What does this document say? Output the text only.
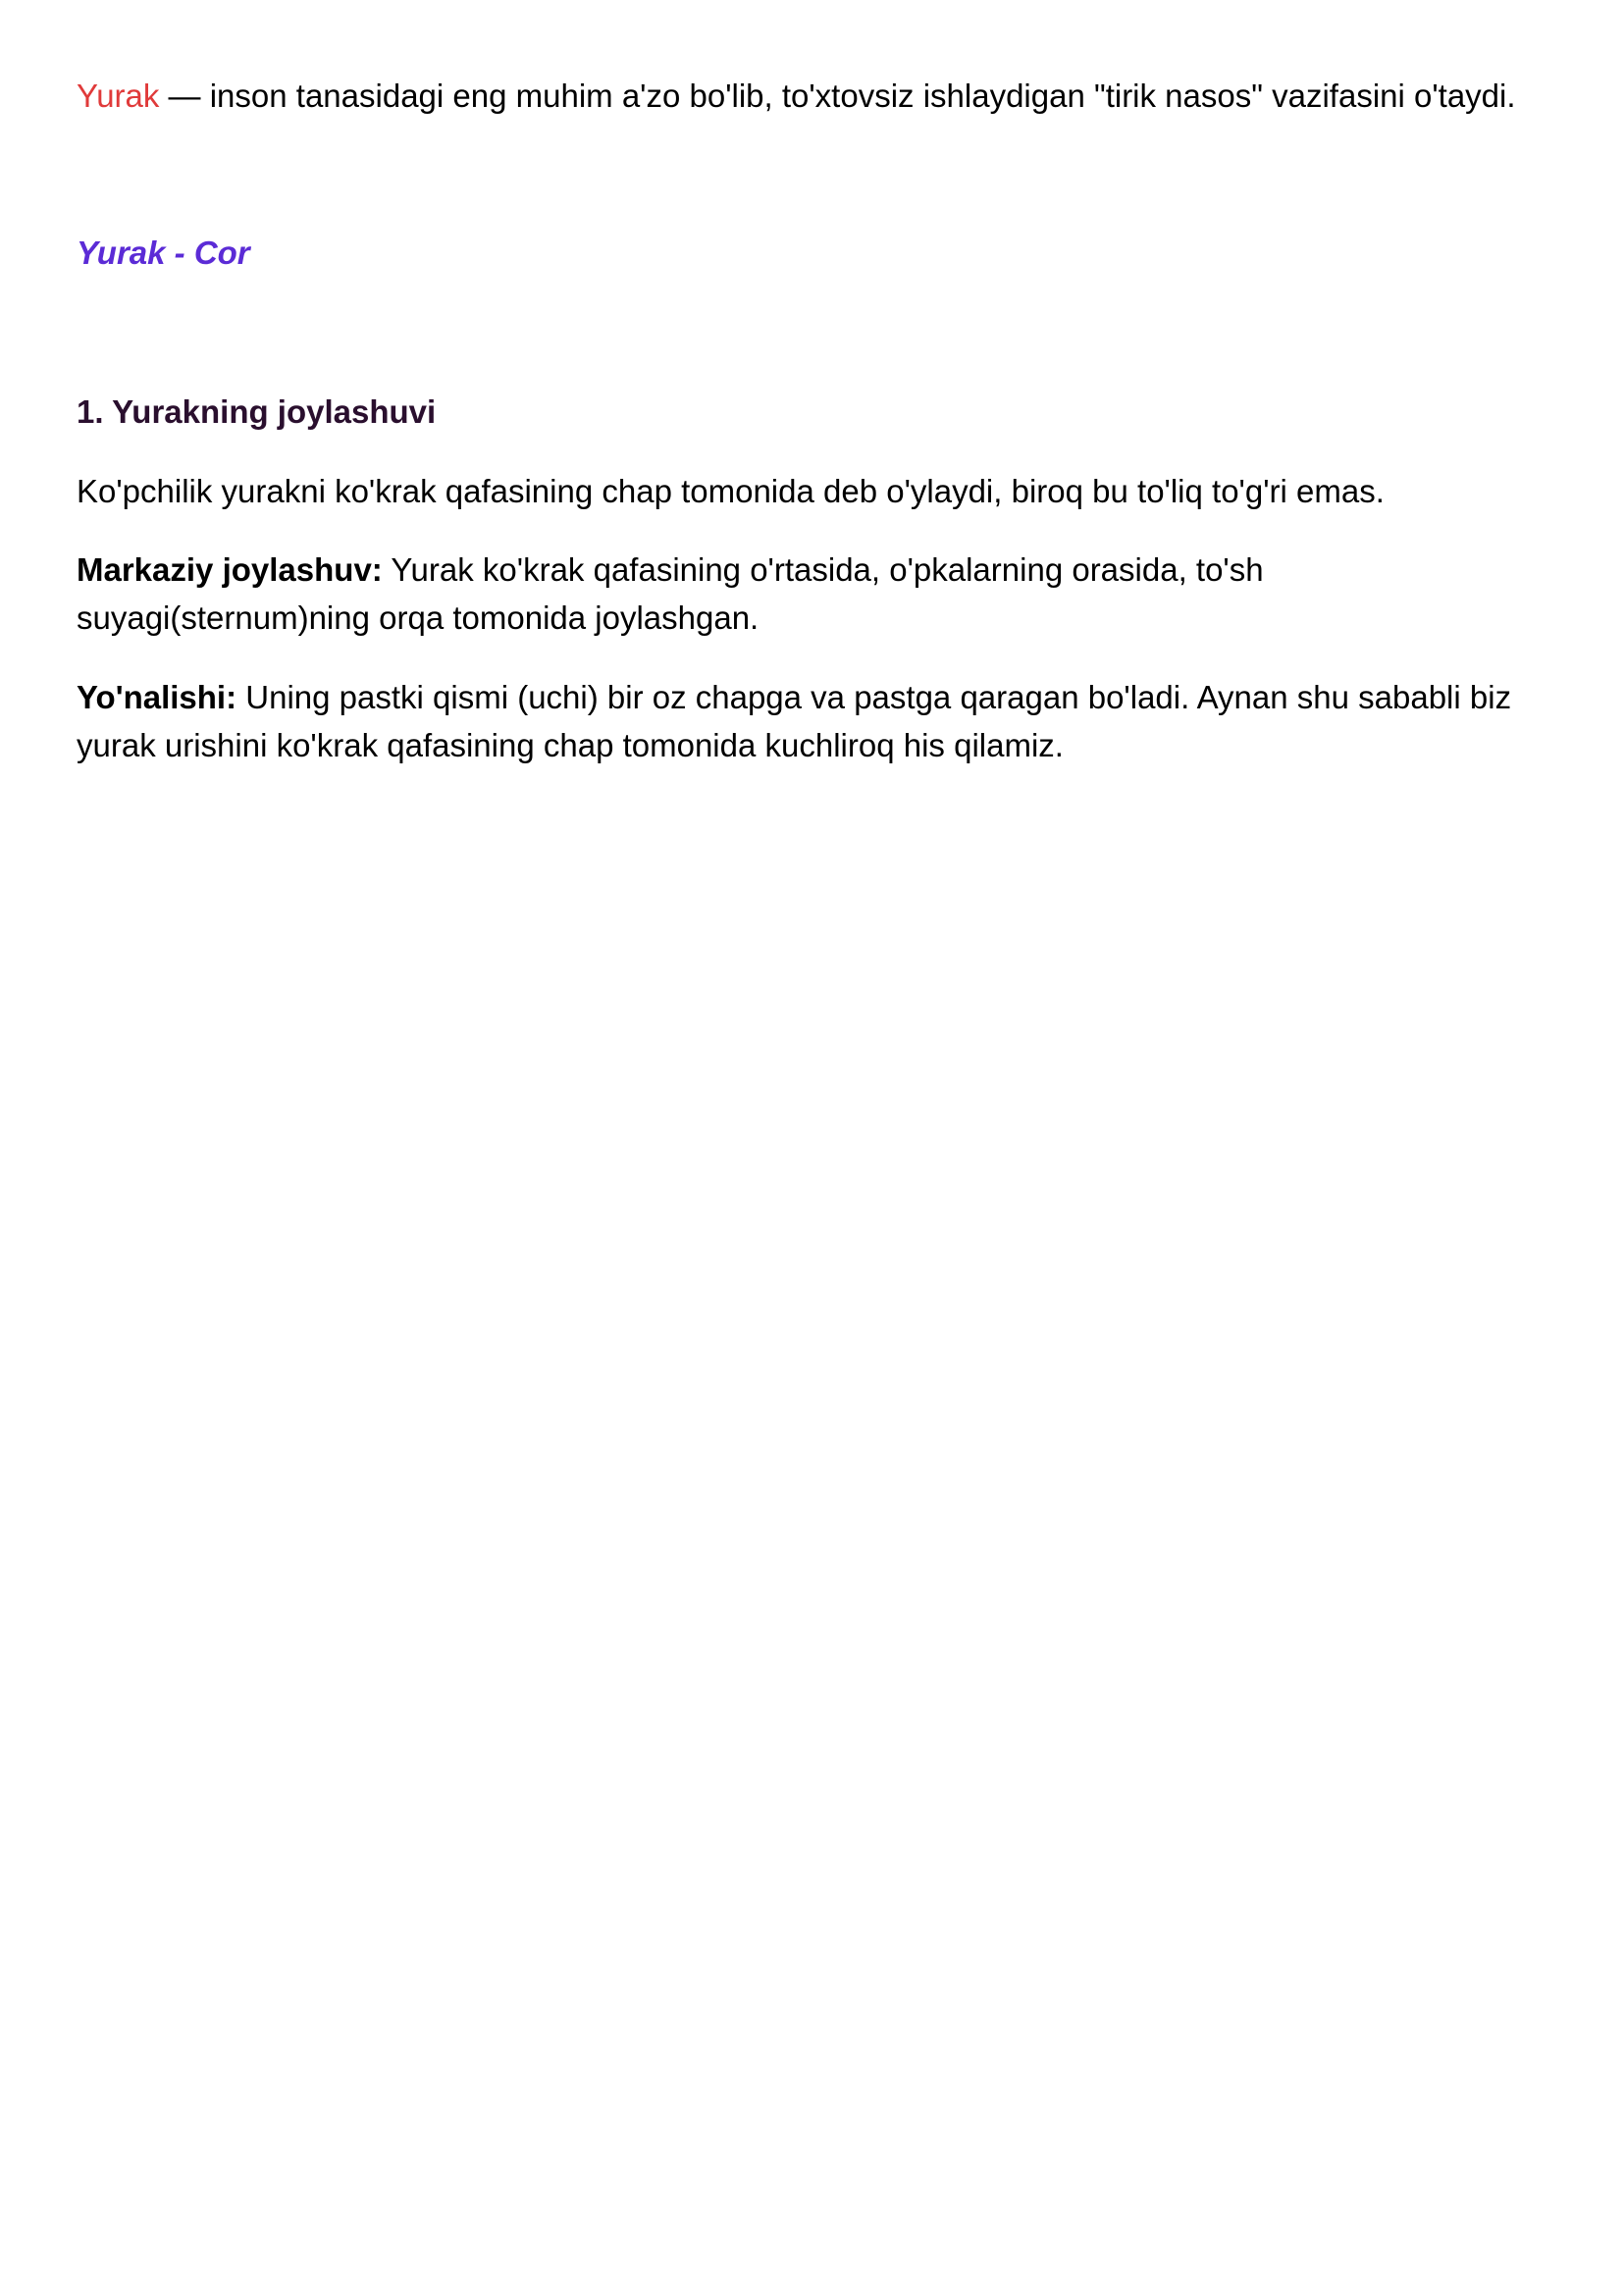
Yurak — inson tanasidagi eng muhim a'zo bo'lib, to'xtovsiz ishlaydigan "tirik nasos" vazifasini o'taydi.

Yurak - Cor

1. Yurakning joylashuvi

Ko'pchilik yurakni ko'krak qafasining chap tomonida deb o'ylaydi, biroq bu to'liq to'g'ri emas.

Markaziy joylashuv: Yurak ko'krak qafasining o'rtasida, o'pkalarning orasida, to'sh suyagi(sternum)ning orqa tomonida joylashgan.

Yo'nalishi: Uning pastki qismi (uchi) bir oz chapga va pastga qaragan bo'ladi. Aynan shu sababli biz yurak urishini ko'krak qafasining chap tomonida kuchliroq his qilamiz.
